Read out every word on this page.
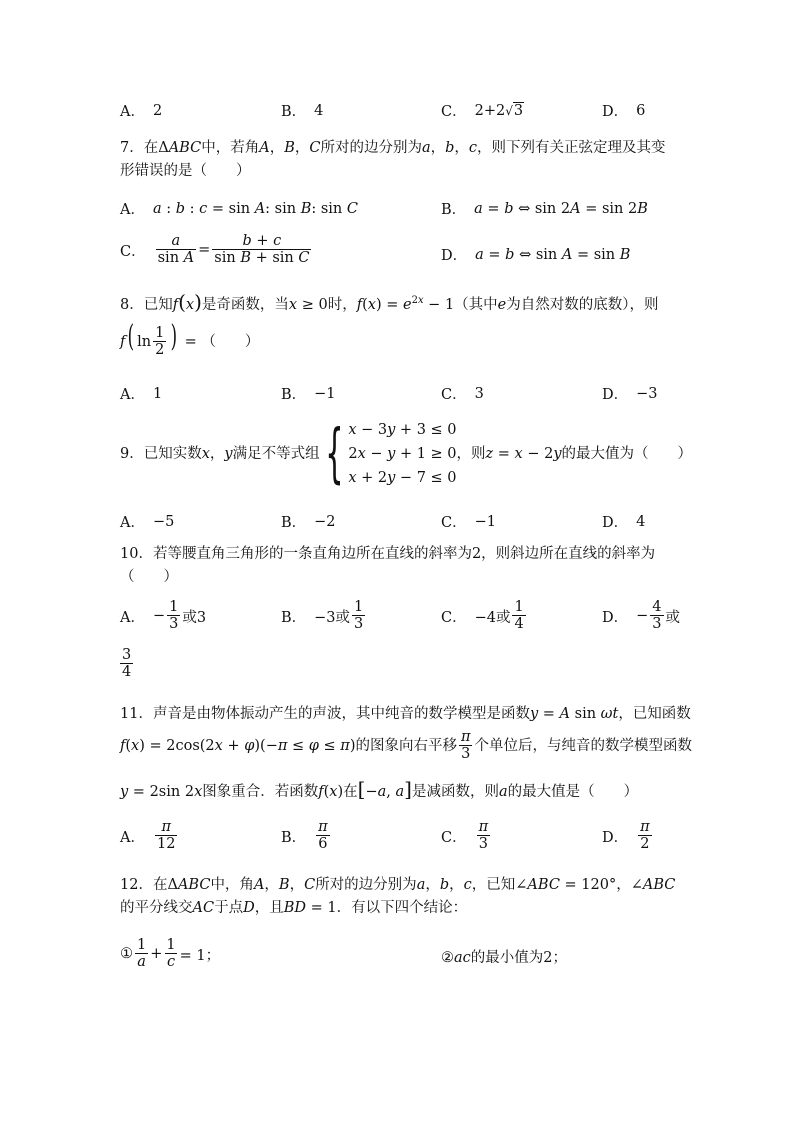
A． 2	B． 4	C． 2+2√3	D． 6
7．在ΔABC中，若角A，B，C所对的边分别为a，b，c，则下列有关正弦定理及其变
形错误的是（　　）
A． a : b : c = sin A: sin B: sin C	B． a = b ⇔ sin 2A = sin 2B
C． $\frac{a}{\text{sin A}} = \frac{b + c}{\text{sin B + sin C}}$	D． a = b ⇔ sin A = sin B
8．已知f(x)是奇函数，当x ≥ 0时，$f(x) = e^{2x} - 1$（其中e为自然对数的底数），则
f( $\ln \frac{1}{2}$ ) = （　　）
A． 1	B． −1	C． 3	D． −3
9．已知实数x，y满足不等式组 { x − 3y + 3 ≤ 0
2x − y + 1 ≥ 0
x + 2y − 7 ≤ 0
，则z = x − 2y的最大值为（　　）
A． −5	B． −2	C． −1	D． 4
10．若等腰直角三角形的一条直角边所在直线的斜率为2，则斜边所在直线的斜率为
（　　）
A． − $\frac{1}{3}$ 或3	B． −3或 $\frac{1}{3}$	C． −4或 $\frac{1}{4}$	D． − $\frac{4}{3}$ 或
$\frac{3}{4}$
11．声音是由物体振动产生的声波，其中纯音的数学模型是函数y = A sin ωt，已知函数
f(x) = 2cos(2x + φ)(−π ≤ φ ≤ π)的图象向右平移 $\frac{\pi}{3}$ 个单位后，与纯音的数学模型函数
y = 2sin 2x图象重合．若函数f(x)在[−a, a]是减函数，则a的最大值是（　　）
A． $\frac{\pi}{12}$	B． $\frac{\pi}{6}$	C． $\frac{\pi}{3}$	D． $\frac{\pi}{2}$
12．在ΔABC中，角A，B，C所对的边分别为a，b，c，已知∠ABC = 120°，∠ABC
的平分线交AC于点D，且BD = 1．有以下四个结论：
① $\frac{1}{a} + \frac{1}{c} = 1$；	②ac的最小值为2；
